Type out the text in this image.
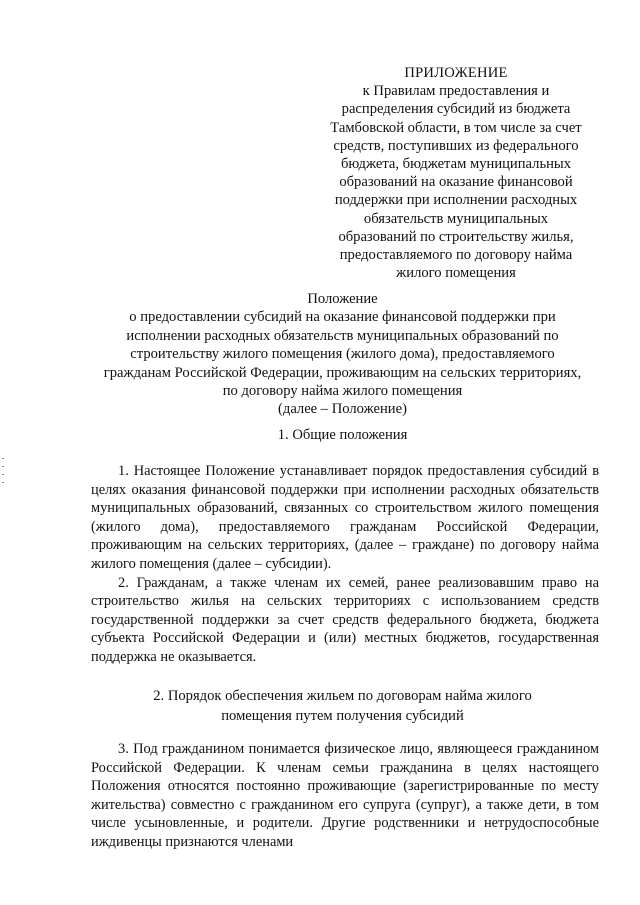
ПРИЛОЖЕНИЕ
к Правилам предоставления и
распределения субсидий из бюджета
Тамбовской области, в том числе за счет
средств, поступивших из федерального
бюджета, бюджетам муниципальных
образований на оказание финансовой
поддержки при исполнении расходных
обязательств муниципальных
образований по строительству жилья,
предоставляемого по договору найма
жилого помещения
Положение
о предоставлении субсидий на оказание финансовой поддержки при
исполнении расходных обязательств муниципальных образований по
строительству жилого помещения (жилого дома), предоставляемого
гражданам Российской Федерации, проживающим на сельских территориях,
по договору найма жилого помещения
(далее – Положение)
1. Общие положения

1. Настоящее Положение устанавливает порядок предоставления субсидий в целях оказания финансовой поддержки при исполнении расходных обязательств муниципальных образований, связанных со строительством жилого помещения (жилого дома), предоставляемого гражданам Российской Федерации, проживающим на сельских территориях, (далее – граждане) по договору найма жилого помещения (далее – субсидии).

2. Гражданам, а также членам их семей, ранее реализовавшим право на строительство жилья на сельских территориях с использованием средств государственной поддержки за счет средств федерального бюджета, бюджета субъекта Российской Федерации и (или) местных бюджетов, государственная поддержка не оказывается.

2. Порядок обеспечения жильем по договорам найма жилого
помещения путем получения субсидий

3. Под гражданином понимается физическое лицо, являющееся гражданином Российской Федерации. К членам семьи гражданина в целях настоящего Положения относятся постоянно проживающие (зарегистрированные по месту жительства) совместно с гражданином его супруга (супруг), а также дети, в том числе усыновленные, и родители. Другие родственники и нетрудоспособные иждивенцы признаются членами
